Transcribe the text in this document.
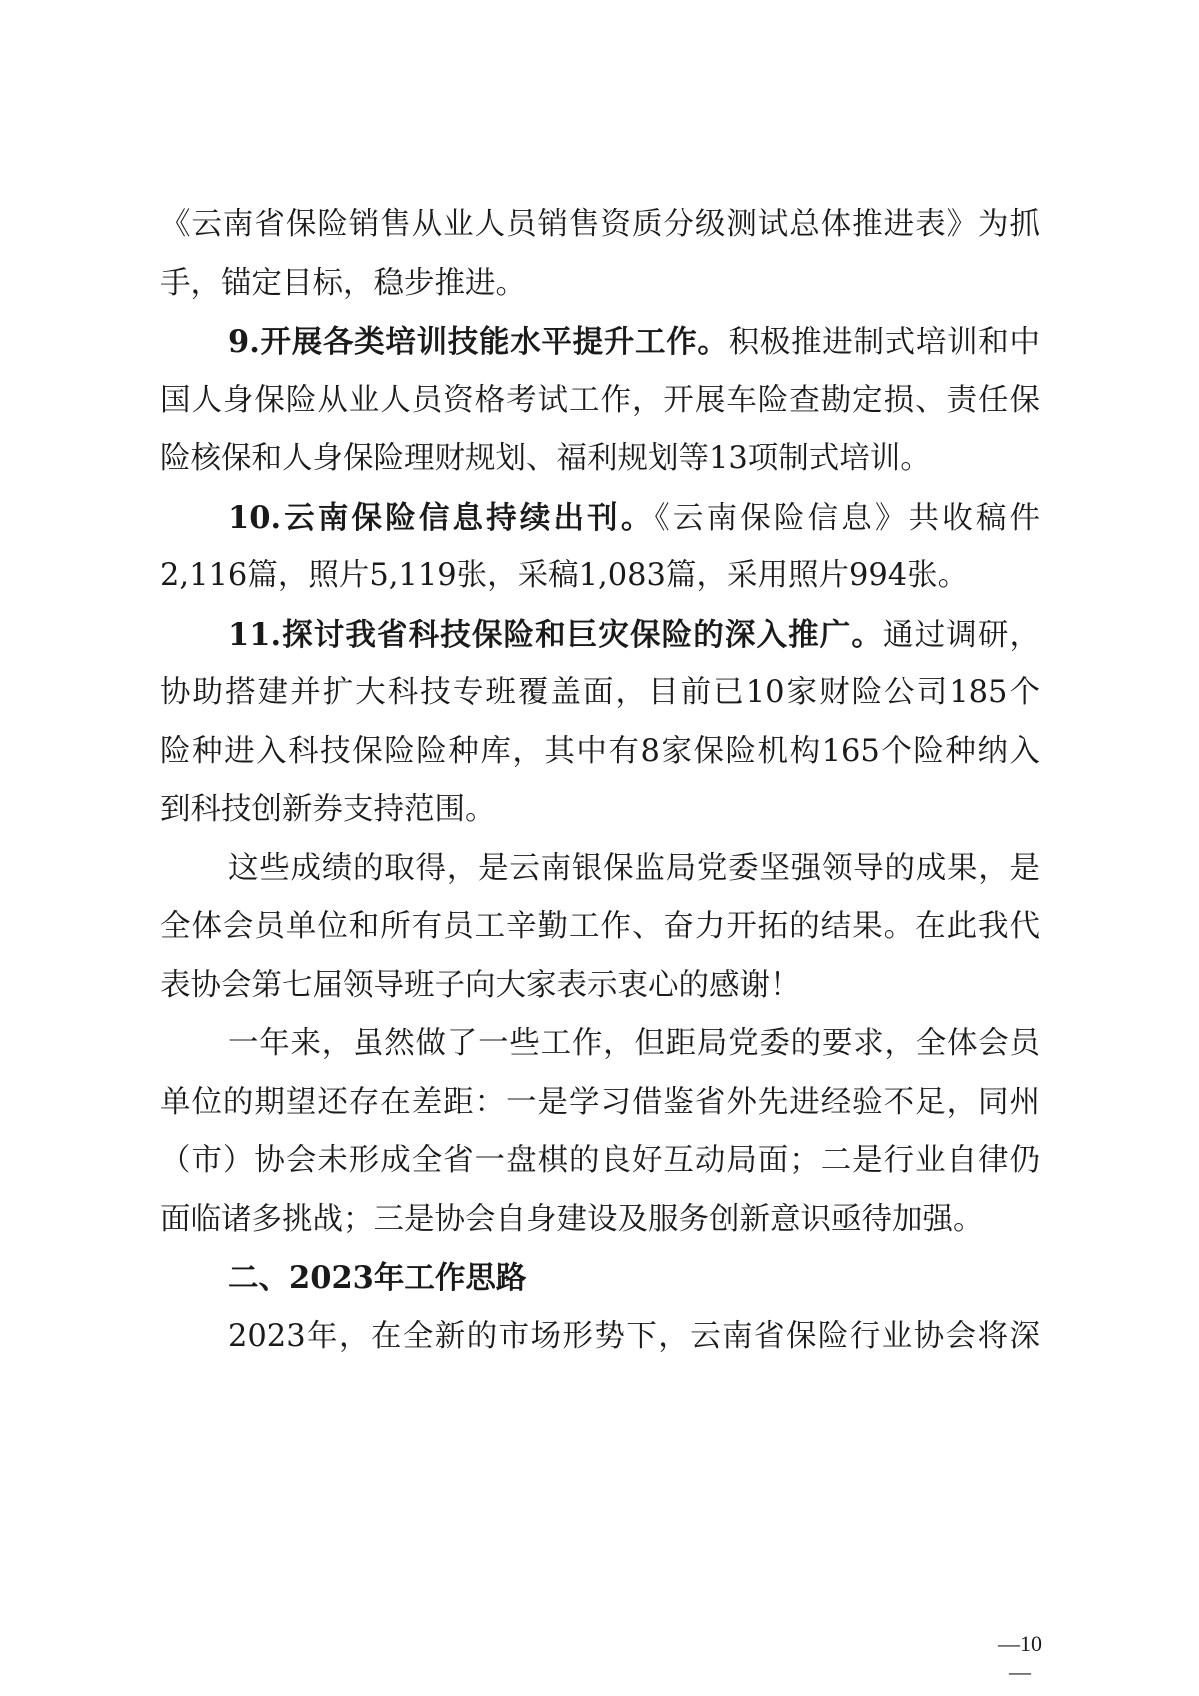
《云南省保险销售从业人员销售资质分级测试总体推进表》为抓
手，锚定目标，稳步推进。
9.开展各类培训技能水平提升工作。积极推进制式培训和中
国人身保险从业人员资格考试工作，开展车险查勘定损、责任保
险核保和人身保险理财规划、福利规划等13项制式培训。
10.云南保险信息持续出刊。《云南保险信息》共收稿件
2,116篇，照片5,119张，采稿1,083篇，采用照片994张。
11.探讨我省科技保险和巨灾保险的深入推广。通过调研，
协助搭建并扩大科技专班覆盖面，目前已10家财险公司185个
险种进入科技保险险种库，其中有8家保险机构165个险种纳入
到科技创新券支持范围。
这些成绩的取得，是云南银保监局党委坚强领导的成果，是
全体会员单位和所有员工辛勤工作、奋力开拓的结果。在此我代
表协会第七届领导班子向大家表示衷心的感谢！
一年来，虽然做了一些工作，但距局党委的要求，全体会员
单位的期望还存在差距：一是学习借鉴省外先进经验不足，同州
（市）协会未形成全省一盘棋的良好互动局面；二是行业自律仍
面临诸多挑战；三是协会自身建设及服务创新意识亟待加强。
二、2023年工作思路
2023年，在全新的市场形势下，云南省保险行业协会将深
—10—
